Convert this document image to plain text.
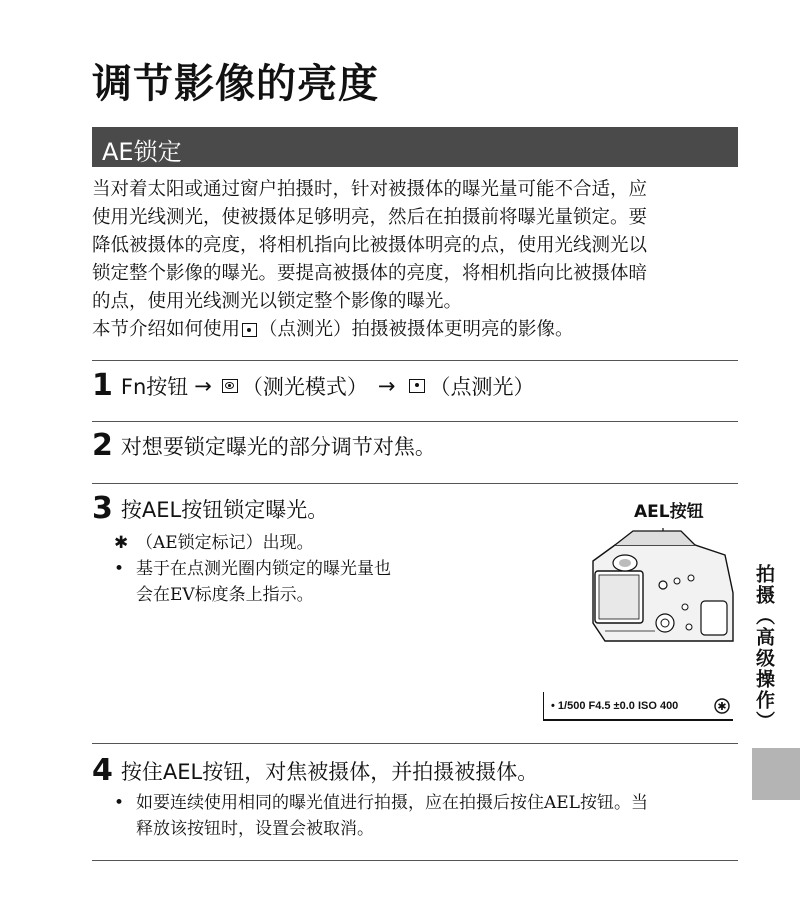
调节影像的亮度
AE锁定

当对着太阳或通过窗户拍摄时，针对被摄体的曝光量可能不合适，应

使用光线测光，使被摄体足够明亮，然后在拍摄前将曝光量锁定。要

降低被摄体的亮度，将相机指向比被摄体明亮的点，使用光线测光以

锁定整个影像的曝光。要提高被摄体的亮度，将相机指向比被摄体暗

的点，使用光线测光以锁定整个影像的曝光。

本节介绍如何使用 （点测光）拍摄被摄体更明亮的影像。

1 Fn按钮 → （测光模式） → （点测光）
2 对想要锁定曝光的部分调节对焦。
3 按AEL按钮锁定曝光。
✱ （AE锁定标记）出现。
• 基于在点测光圈内锁定的曝光量也
会在EV标度条上指示。
AEL按钮
• 1/500 F4.5 ±0.0 ISO 400	✱
4 按住AEL按钮，对焦被摄体，并拍摄被摄体。
• 如要连续使用相同的曝光值进行拍摄，应在拍摄后按住AEL按钮。当
释放该按钮时，设置会被取消。
拍摄（高级操作）
